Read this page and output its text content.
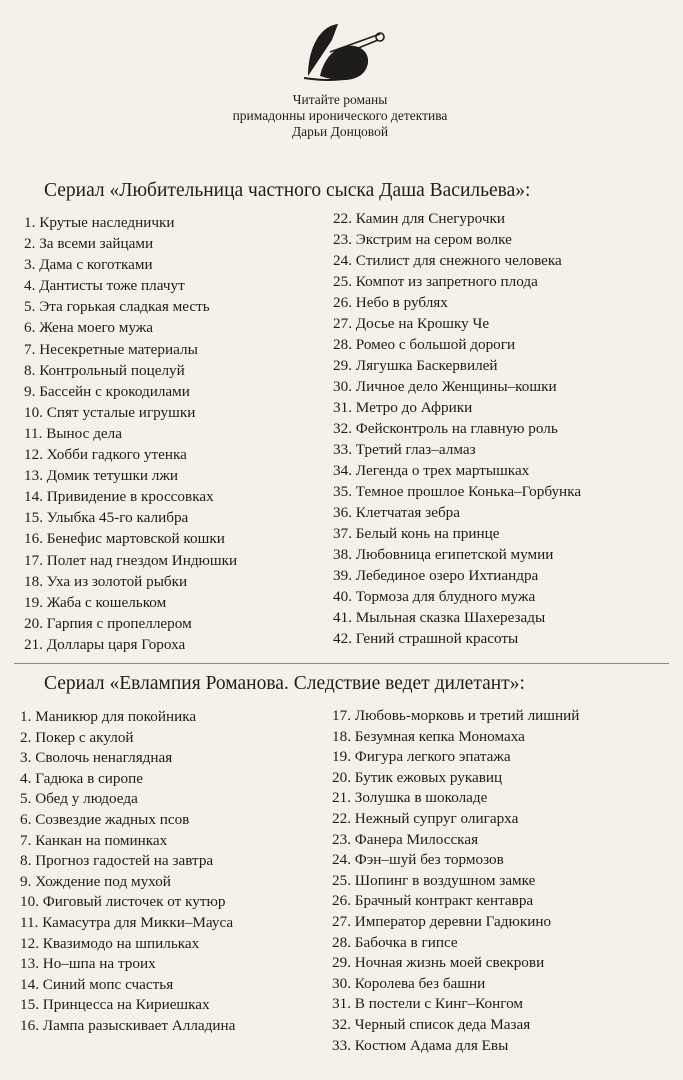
Читайте романы
примадонны иронического детектива
Дарьи Донцовой
Сериал «Любительница частного сыска Даша Васильева»:
1. Крутые наследнички
2. За всеми зайцами
3. Дама с коготками
4. Дантисты тоже плачут
5. Эта горькая сладкая месть
6. Жена моего мужа
7. Несекретные материалы
8. Контрольный поцелуй
9. Бассейн с крокодилами
10. Спят усталые игрушки
11. Вынос дела
12. Хобби гадкого утенка
13. Домик тетушки лжи
14. Привидение в кроссовках
15. Улыбка 45-го калибра
16. Бенефис мартовской кошки
17. Полет над гнездом Индюшки
18. Уха из золотой рыбки
19. Жаба с кошельком
20. Гарпия с пропеллером
21. Доллары царя Гороха
22. Камин для Снегурочки
23. Экстрим на сером волке
24. Стилист для снежного человека
25. Компот из запретного плода
26. Небо в рублях
27. Досье на Крошку Че
28. Ромео с большой дороги
29. Лягушка Баскервилей
30. Личное дело Женщины–кошки
31. Метро до Африки
32. Фейсконтроль на главную роль
33. Третий глаз–алмаз
34. Легенда о трех мартышках
35. Темное прошлое Конька–Горбунка
36. Клетчатая зебра
37. Белый конь на принце
38. Любовница египетской мумии
39. Лебединое озеро Ихтиандра
40. Тормоза для блудного мужа
41. Мыльная сказка Шахерезады
42. Гений страшной красоты
Сериал «Евлампия Романова. Следствие ведет дилетант»:
1. Маникюр для покойника
2. Покер с акулой
3. Сволочь ненаглядная
4. Гадюка в сиропе
5. Обед у людоеда
6. Созвездие жадных псов
7. Канкан на поминках
8. Прогноз гадостей на завтра
9. Хождение под мухой
10. Фиговый листочек от кутюр
11. Камасутра для Микки–Мауса
12. Квазимодо на шпильках
13. Но–шпа на троих
14. Синий мопс счастья
15. Принцесса на Кириешках
16. Лампа разыскивает Алладина
17. Любовь-морковь и третий лишний
18. Безумная кепка Мономаха
19. Фигура легкого эпатажа
20. Бутик ежовых рукавиц
21. Золушка в шоколаде
22. Нежный супруг олигарха
23. Фанера Милосская
24. Фэн–шуй без тормозов
25. Шопинг в воздушном замке
26. Брачный контракт кентавра
27. Император деревни Гадюкино
28. Бабочка в гипсе
29. Ночная жизнь моей свекрови
30. Королева без башни
31. В постели с Кинг–Конгом
32. Черный список деда Мазая
33. Костюм Адама для Евы
